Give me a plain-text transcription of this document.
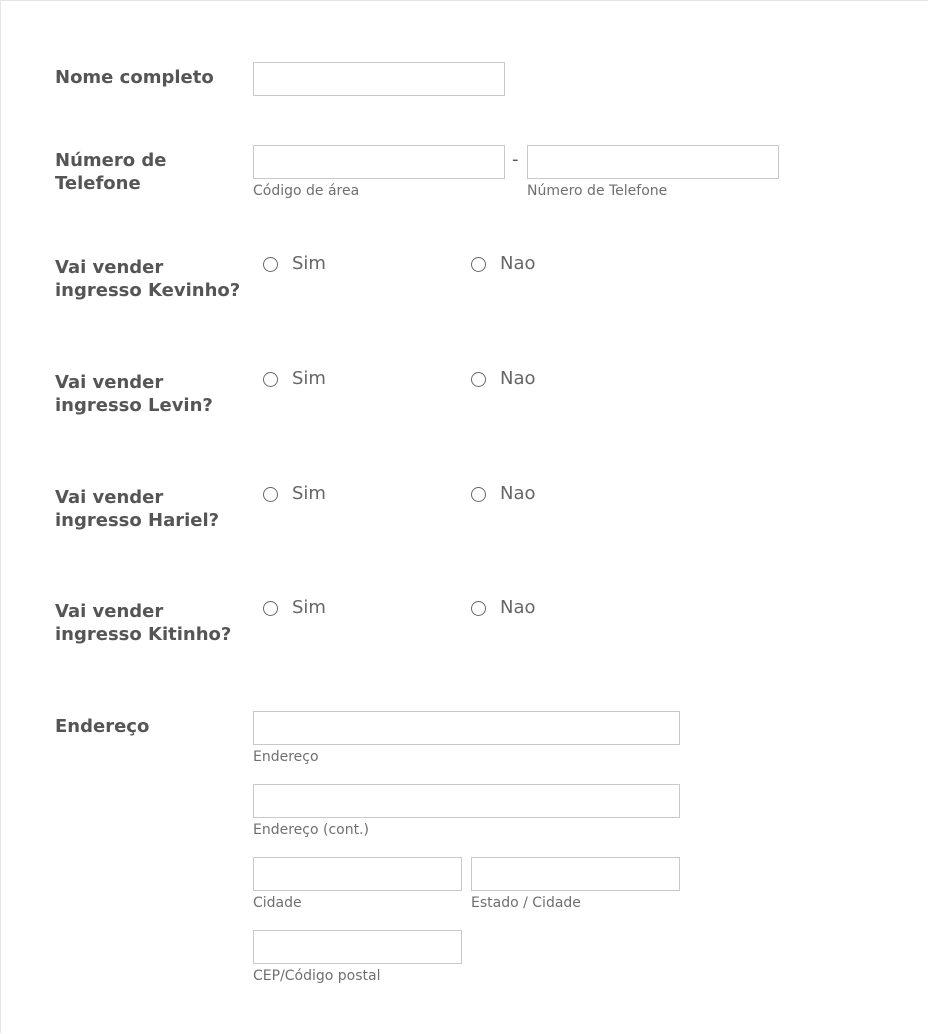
Nome completo
Número de
Telefone
-
Código de área	Número de Telefone
Vai vender
ingresso Kevinho?
Sim	Nao
Vai vender
ingresso Levin?
Sim	Nao
Vai vender
ingresso Hariel?
Sim	Nao
Vai vender
ingresso Kitinho?
Sim	Nao
Endereço
Endereço
Endereço (cont.)
Cidade	Estado / Cidade
CEP/Código postal
